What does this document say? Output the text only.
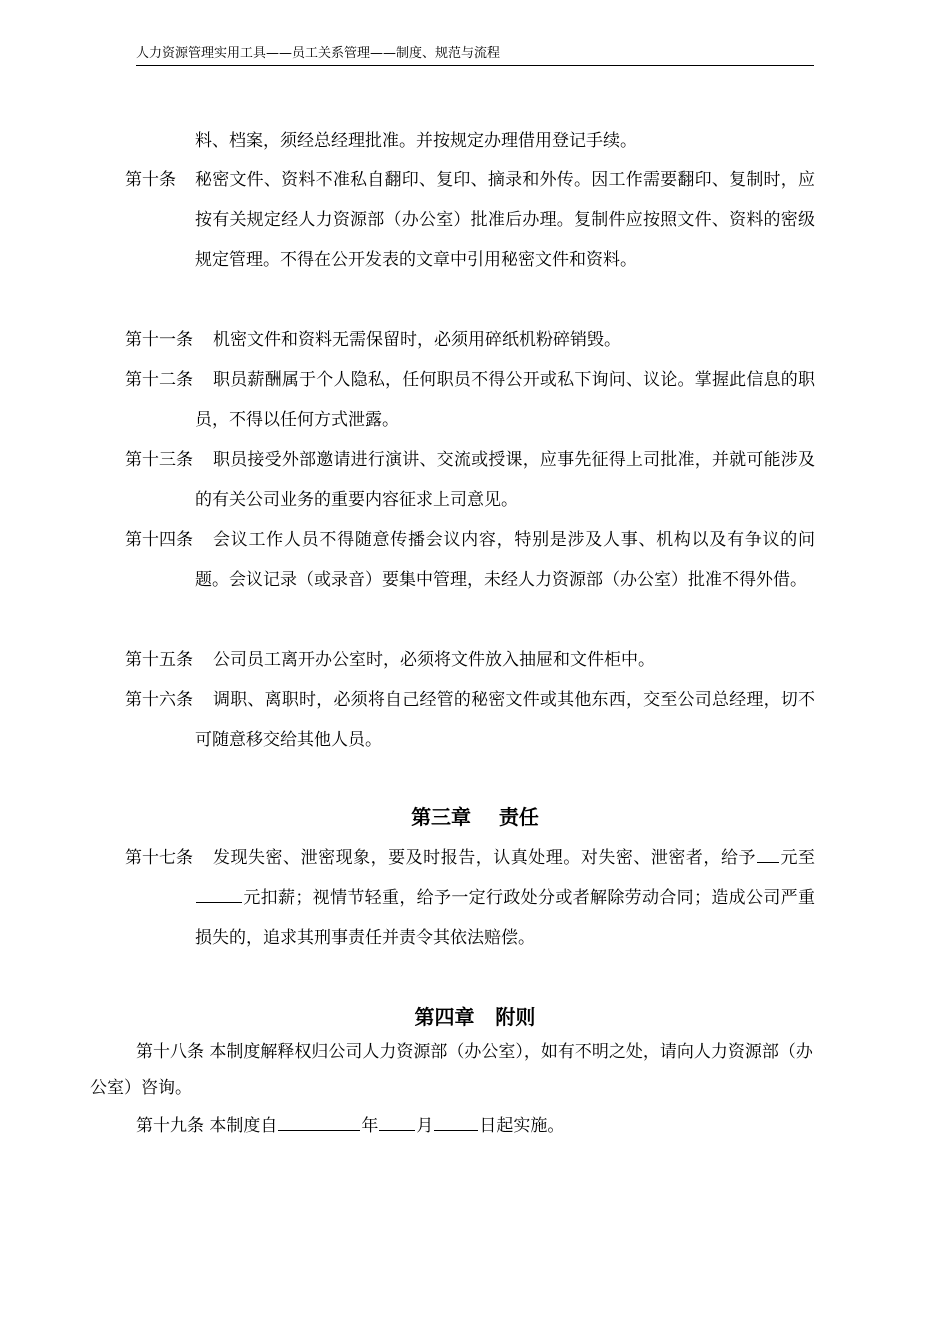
人力资源管理实用工具——员工关系管理——制度、规范与流程
料、档案，须经总经理批准。并按规定办理借用登记手续。
第十条	秘密文件、资料不准私自翻印、复印、摘录和外传。因工作需要翻印、复制时，应按有关规定经人力资源部（办公室）批准后办理。复制件应按照文件、资料的密级规定管理。不得在公开发表的文章中引用秘密文件和资料。
第十一条	机密文件和资料无需保留时，必须用碎纸机粉碎销毁。
第十二条	职员薪酬属于个人隐私，任何职员不得公开或私下询问、议论。掌握此信息的职员，不得以任何方式泄露。
第十三条	职员接受外部邀请进行演讲、交流或授课，应事先征得上司批准，并就可能涉及的有关公司业务的重要内容征求上司意见。
第十四条	会议工作人员不得随意传播会议内容，特别是涉及人事、机构以及有争议的问题。会议记录（或录音）要集中管理，未经人力资源部（办公室）批准不得外借。
第十五条	公司员工离开办公室时，必须将文件放入抽屉和文件柜中。
第十六条	调职、离职时，必须将自己经管的秘密文件或其他东西，交至公司总经理，切不可随意移交给其他人员。
第三章    责任
第十七条	发现失密、泄密现象，要及时报告，认真处理。对失密、泄密者，给予 元至元扣薪；视情节轻重，给予一定行政处分或者解除劳动合同；造成公司严重损失的，追求其刑事责任并责令其依法赔偿。
第四章   附则
第十八条 本制度解释权归公司人力资源部（办公室），如有不明之处，请向人力资源部（办公室）咨询。
第十九条 本制度自	年 月	日起实施。
